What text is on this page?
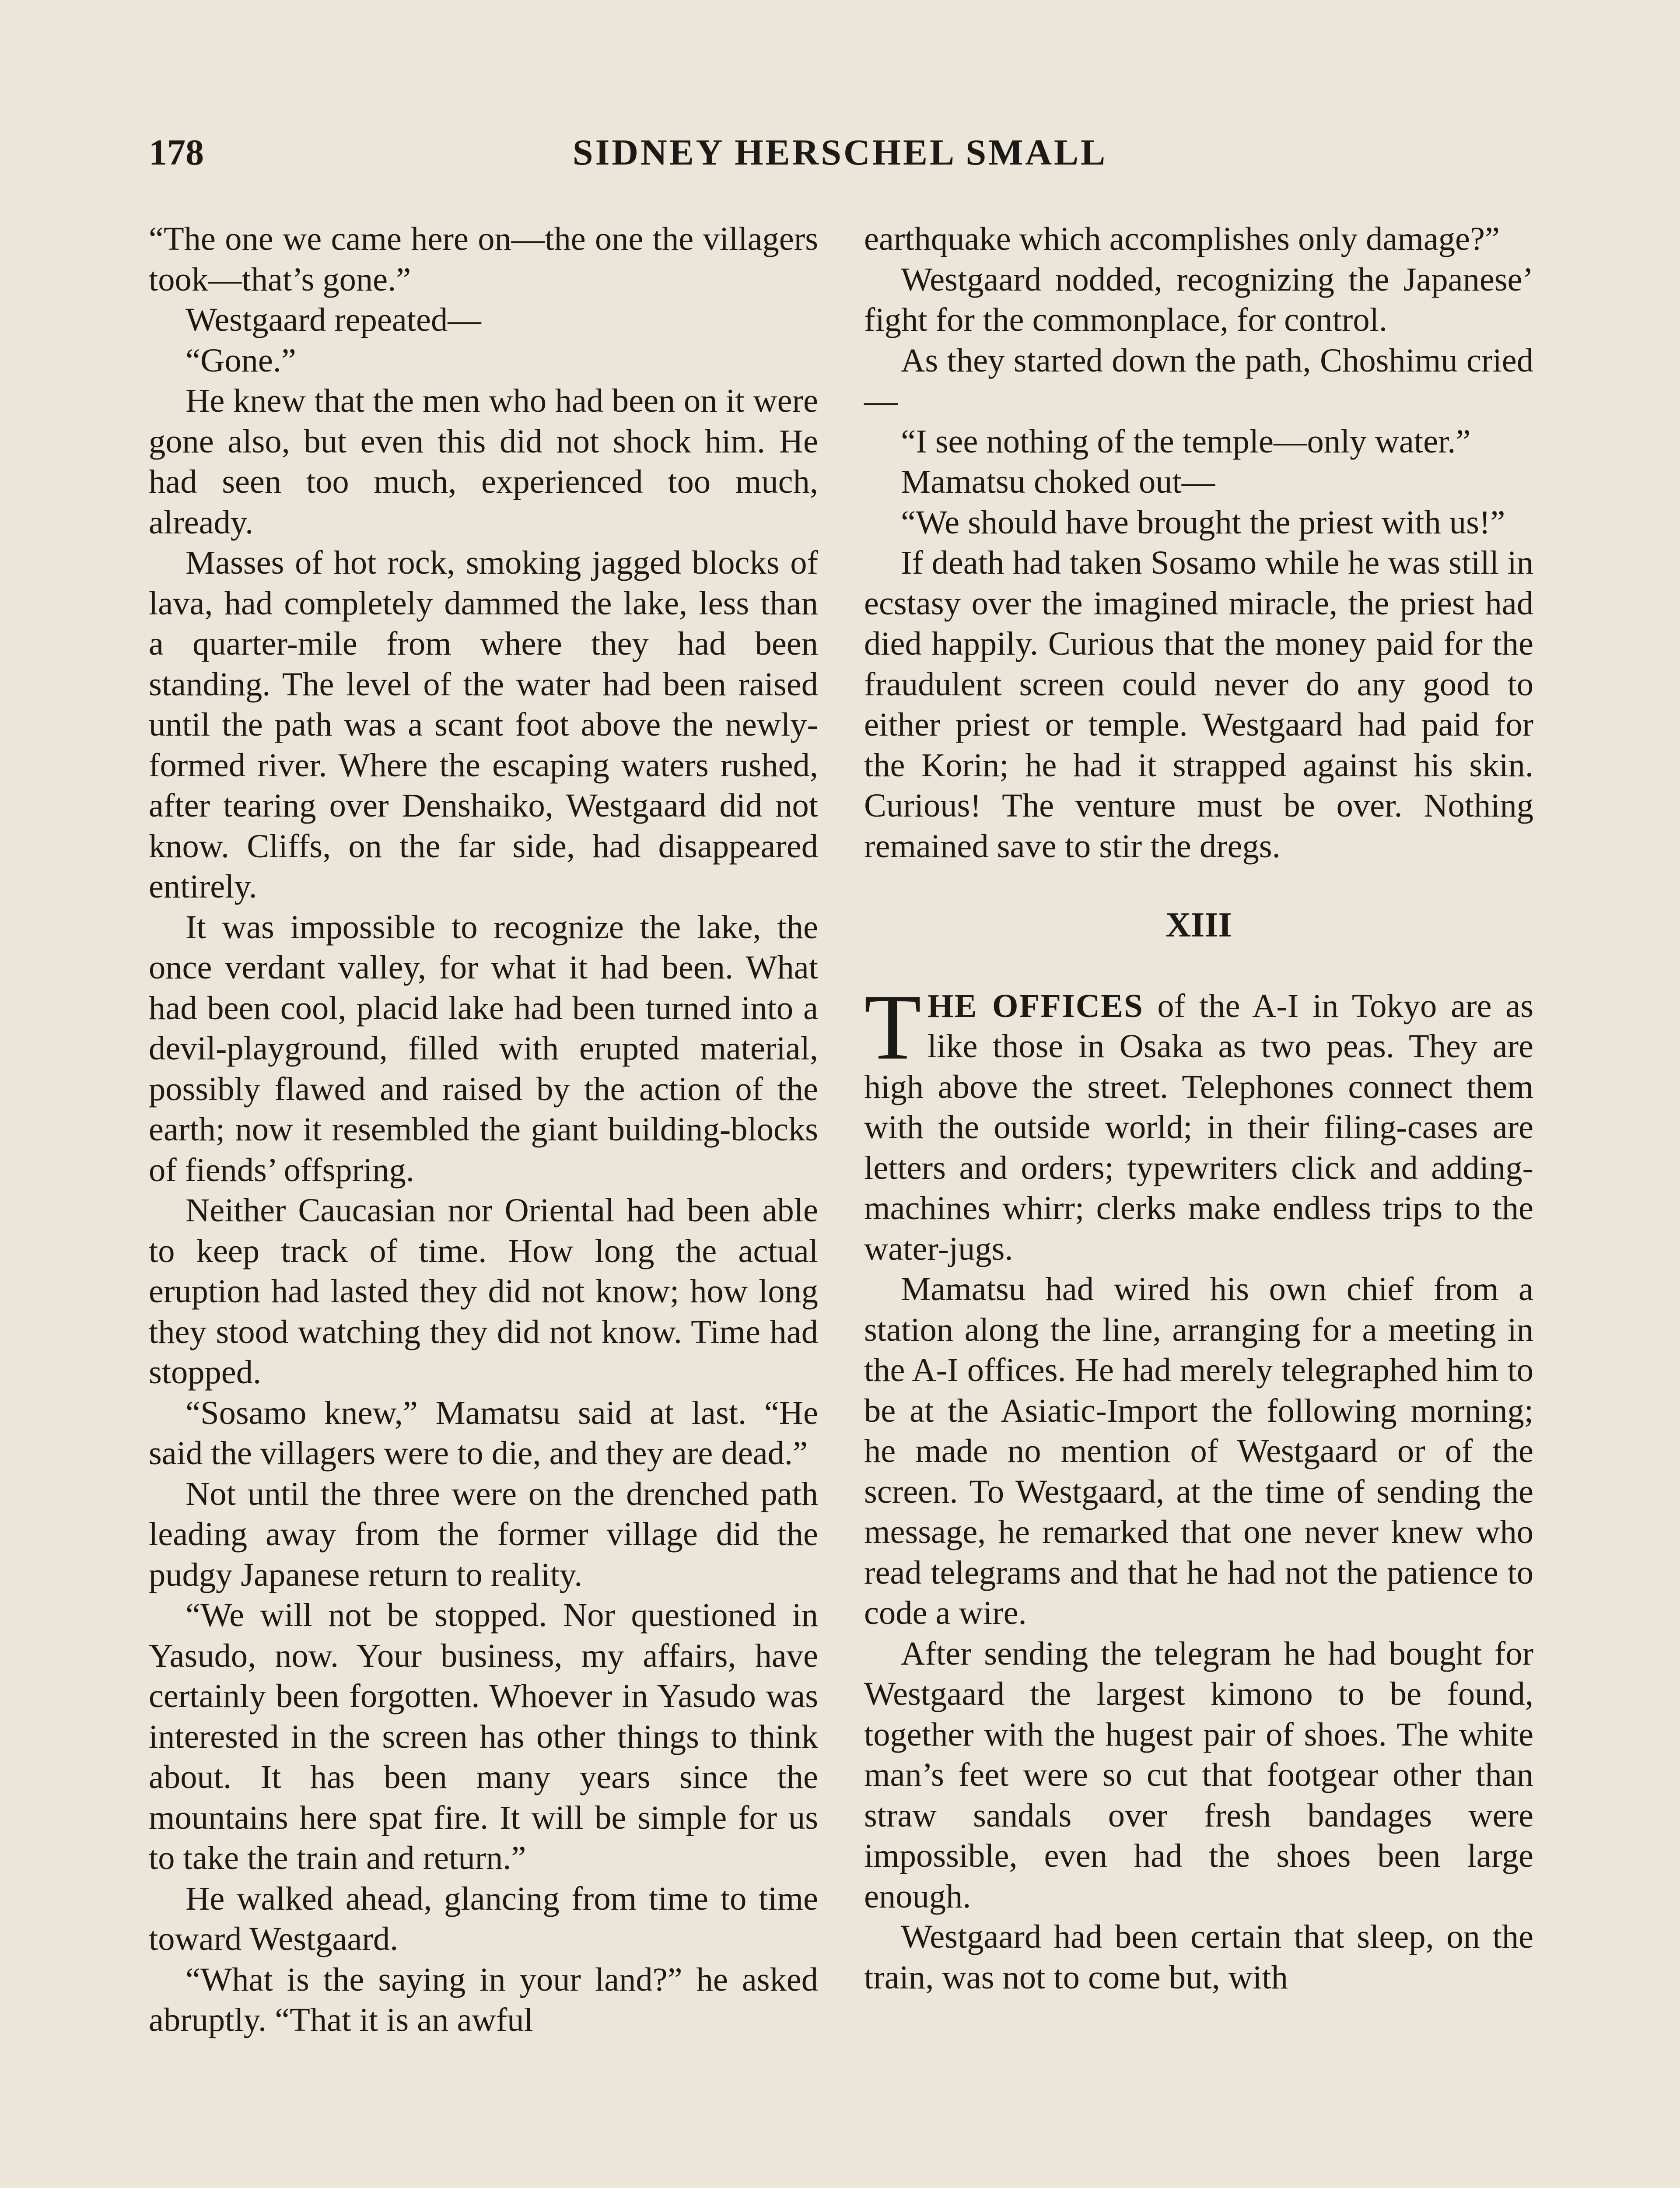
178	SIDNEY HERSCHEL SMALL

“The one we came here on—the one the villagers took—that’s gone.”

Westgaard repeated—

“Gone.”

He knew that the men who had been on it were gone also, but even this did not shock him. He had seen too much, experienced too much, already.

Masses of hot rock, smoking jagged blocks of lava, had completely dammed the lake, less than a quarter-mile from where they had been standing. The level of the water had been raised until the path was a scant foot above the newly-formed river. Where the escaping waters rushed, after tearing over Denshaiko, Westgaard did not know. Cliffs, on the far side, had disappeared entirely.

It was impossible to recognize the lake, the once verdant valley, for what it had been. What had been cool, placid lake had been turned into a devil-playground, filled with erupted material, possibly flawed and raised by the action of the earth; now it resembled the giant building-blocks of fiends’ offspring.

Neither Caucasian nor Oriental had been able to keep track of time. How long the actual eruption had lasted they did not know; how long they stood watching they did not know. Time had stopped.

“Sosamo knew,” Mamatsu said at last. “He said the villagers were to die, and they are dead.”

Not until the three were on the drenched path leading away from the former village did the pudgy Japanese return to reality.

“We will not be stopped. Nor questioned in Yasudo, now. Your business, my affairs, have certainly been forgotten. Whoever in Yasudo was interested in the screen has other things to think about. It has been many years since the mountains here spat fire. It will be simple for us to take the train and return.”

He walked ahead, glancing from time to time toward Westgaard.

“What is the saying in your land?” he asked abruptly. “That it is an awful

earthquake which accomplishes only damage?”

Westgaard nodded, recognizing the Japanese’ fight for the commonplace, for control.

As they started down the path, Choshimu cried—

“I see nothing of the temple—only water.”

Mamatsu choked out—

“We should have brought the priest with us!”

If death had taken Sosamo while he was still in ecstasy over the imagined miracle, the priest had died happily. Curious that the money paid for the fraudulent screen could never do any good to either priest or temple. Westgaard had paid for the Korin; he had it strapped against his skin. Curious! The venture must be over. Nothing remained save to stir the dregs.

XIII

THE OFFICES of the A-I in Tokyo are as like those in Osaka as two peas. They are high above the street. Telephones connect them with the outside world; in their filing-cases are letters and orders; typewriters click and adding-machines whirr; clerks make endless trips to the water-jugs.

Mamatsu had wired his own chief from a station along the line, arranging for a meeting in the A-I offices. He had merely telegraphed him to be at the Asiatic-Import the following morning; he made no mention of Westgaard or of the screen. To Westgaard, at the time of sending the message, he remarked that one never knew who read telegrams and that he had not the patience to code a wire.

After sending the telegram he had bought for Westgaard the largest kimono to be found, together with the hugest pair of shoes. The white man’s feet were so cut that footgear other than straw sandals over fresh bandages were impossible, even had the shoes been large enough.

Westgaard had been certain that sleep, on the train, was not to come but, with
